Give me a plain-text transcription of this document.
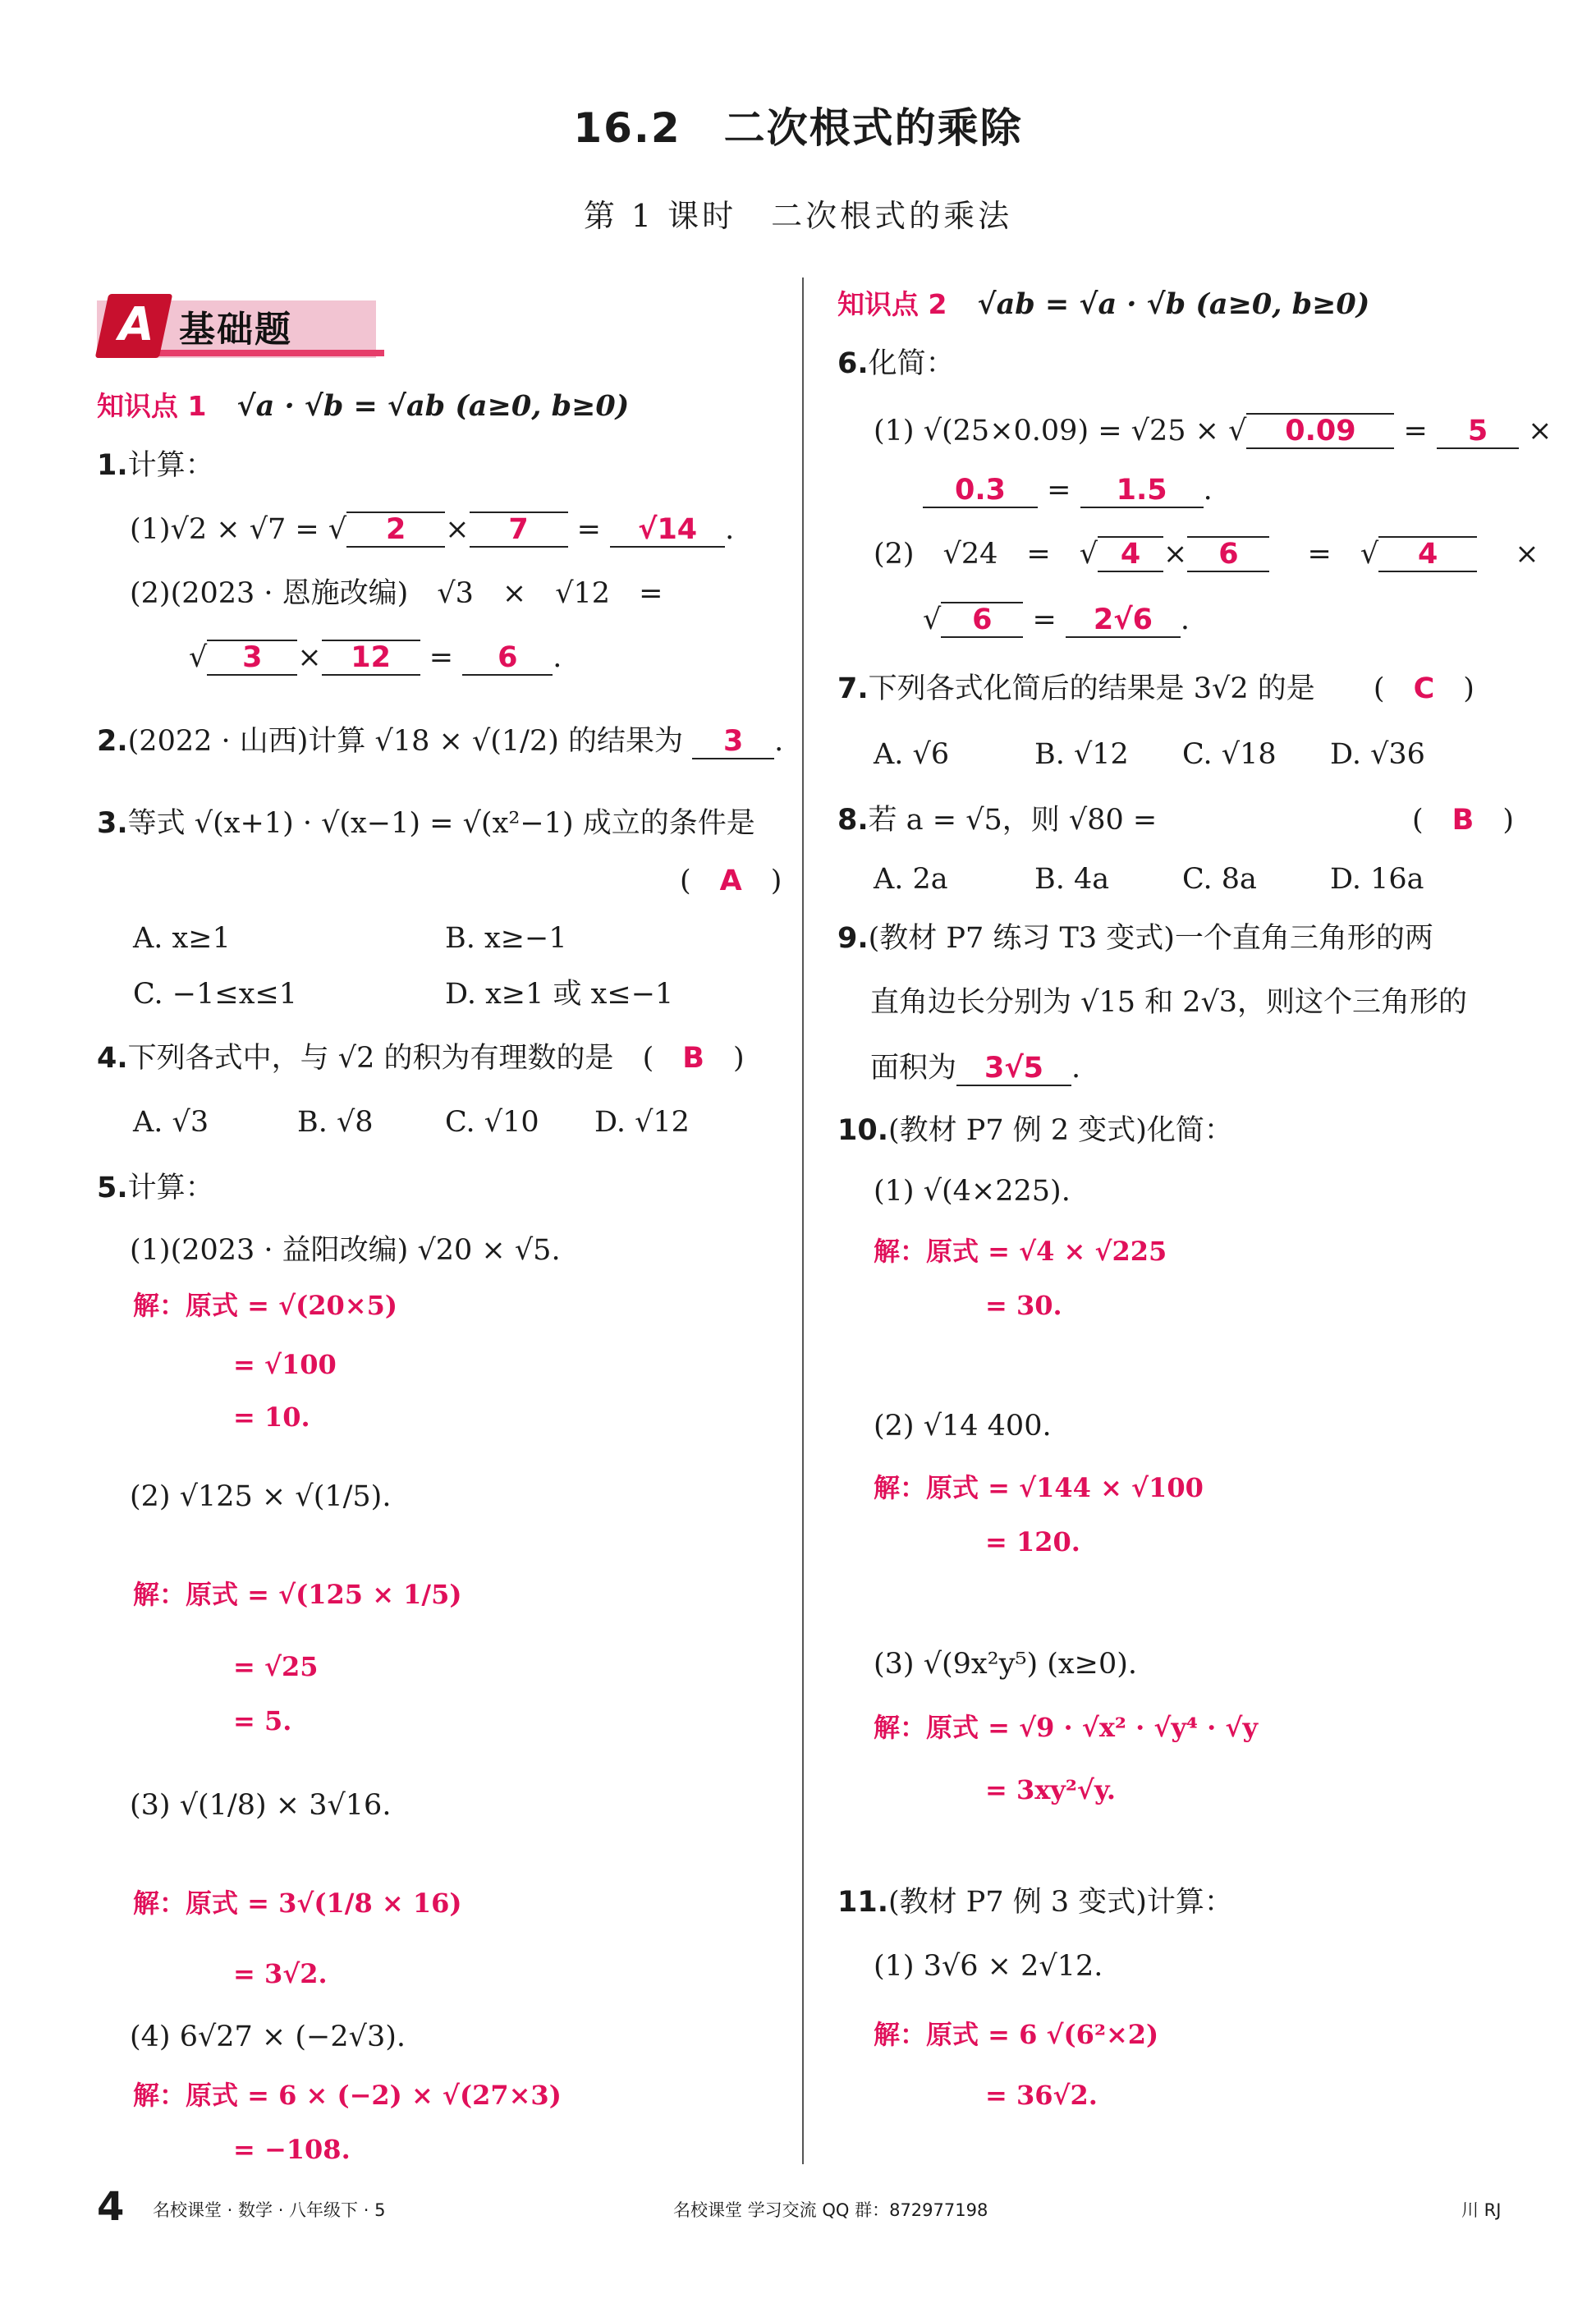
16.2　二次根式的乘除
第 1 课时　二次根式的乘法
A 基础题
知识点 1 √a · √b = √ab (a≥0, b≥0)
1.计算：
(1)√2 × √7 = √ 2 × 7 = √14 .
(2)(2023 · 恩施改编)　√3　×　√12　=
√ 3 × 12 = 6 .
2.(2022 · 山西)计算 √18 × √(1/2) 的结果为 3 .
3.等式 √(x+1) · √(x−1) = √(x²−1) 成立的条件是
(　 A　 )
A. x≥1	B. x≥−1
C. −1≤x≤1	D. x≥1 或 x≤−1
4.下列各式中，与 √2 的积为有理数的是 (　 B　 )
A. √3	B. √8 C. √10 D. √12
5.计算：
(1)(2023 · 益阳改编) √20 × √5.
解：原式 = √(20×5)
= √100
= 10.
(2) √125 × √(1/5).
解：原式 = √(125 × 1/5)
= √25
= 5.
(3) √(1/8) × 3√16.
解：原式 = 3√(1/8 × 16)
= 3√2.
(4) 6√27 × (−2√3).
解：原式 = 6 × (−2) × √(27×3)
= −108.
知识点 2 √ab = √a · √b (a≥0, b≥0)
6.化简：
(1) √(25×0.09) = √25 × √ 0.09 = 5 ×
0.3 = 1.5 .
(2)　√24　=　√ 4 × 6 　 =　√ 4 　	×
√ 6 = 2√6 .
7.下列各式化简后的结果是 3√2 的是 (　 C　 )
A. √6	B. √12 C. √18 D. √36
8.若 a = √5，则 √80 =	(　 B　 )
A. 2a	B. 4a	C. 8a	D. 16a
9.(教材 P7 练习 T3 变式)一个直角三角形的两
直角边长分别为 √15 和 2√3，则这个三角形的
面积为 3√5 .
10.(教材 P7 例 2 变式)化简：
(1) √(4×225).
解：原式 = √4 × √225
= 30.
(2) √14 400.
解：原式 = √144 × √100
= 120.
(3) √(9x²y⁵) (x≥0).
解：原式 = √9 · √x² · √y⁴ · √y
= 3xy²√y.
11.(教材 P7 例 3 变式)计算：
(1) 3√6 × 2√12.
解：原式 = 6 √(6²×2)
= 36√2.
4 名校课堂 · 数学 · 八年级下 · 5	名校课堂 学习交流 QQ 群：872977198	川 RJ
